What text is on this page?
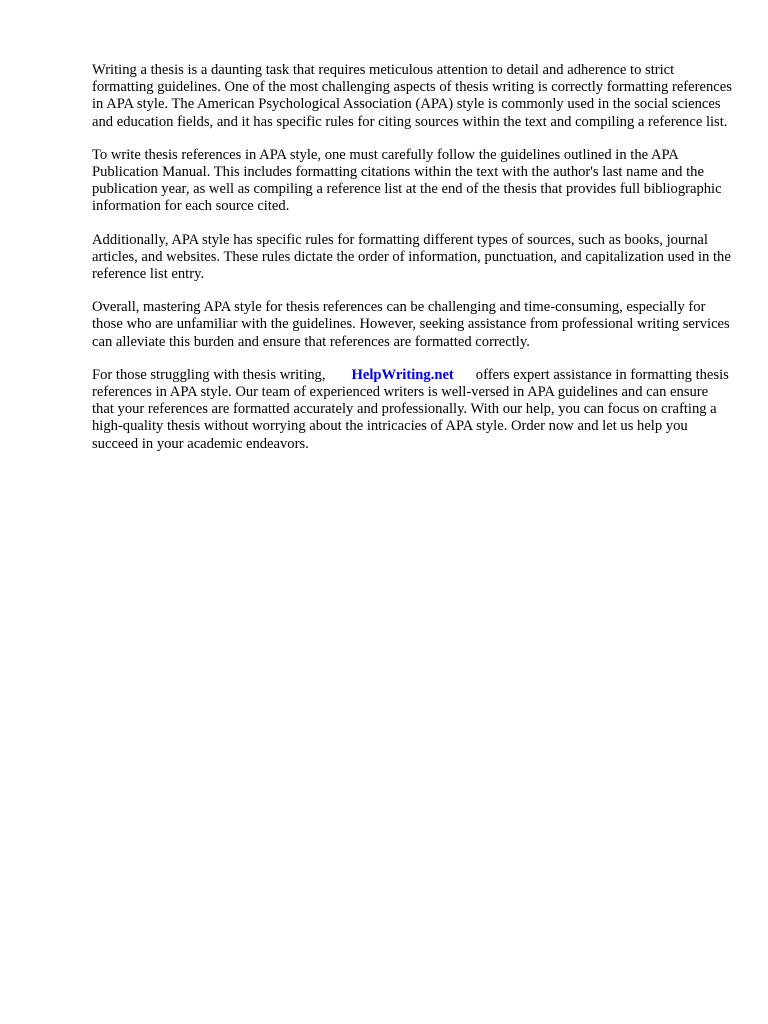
Writing a thesis is a daunting task that requires meticulous attention to detail and adherence to strict formatting guidelines. One of the most challenging aspects of thesis writing is correctly formatting references in APA style. The American Psychological Association (APA) style is commonly used in the social sciences and education fields, and it has specific rules for citing sources within the text and compiling a reference list.

To write thesis references in APA style, one must carefully follow the guidelines outlined in the APA Publication Manual. This includes formatting citations within the text with the author's last name and the publication year, as well as compiling a reference list at the end of the thesis that provides full bibliographic information for each source cited.

Additionally, APA style has specific rules for formatting different types of sources, such as books, journal articles, and websites. These rules dictate the order of information, punctuation, and capitalization used in the reference list entry.

Overall, mastering APA style for thesis references can be challenging and time-consuming, especially for those who are unfamiliar with the guidelines. However, seeking assistance from professional writing services can alleviate this burden and ensure that references are formatted correctly.

For those struggling with thesis writing, HelpWriting.net offers expert assistance in formatting thesis references in APA style. Our team of experienced writers is well-versed in APA guidelines and can ensure that your references are formatted accurately and professionally. With our help, you can focus on crafting a high-quality thesis without worrying about the intricacies of APA style. Order now and let us help you succeed in your academic endeavors.
